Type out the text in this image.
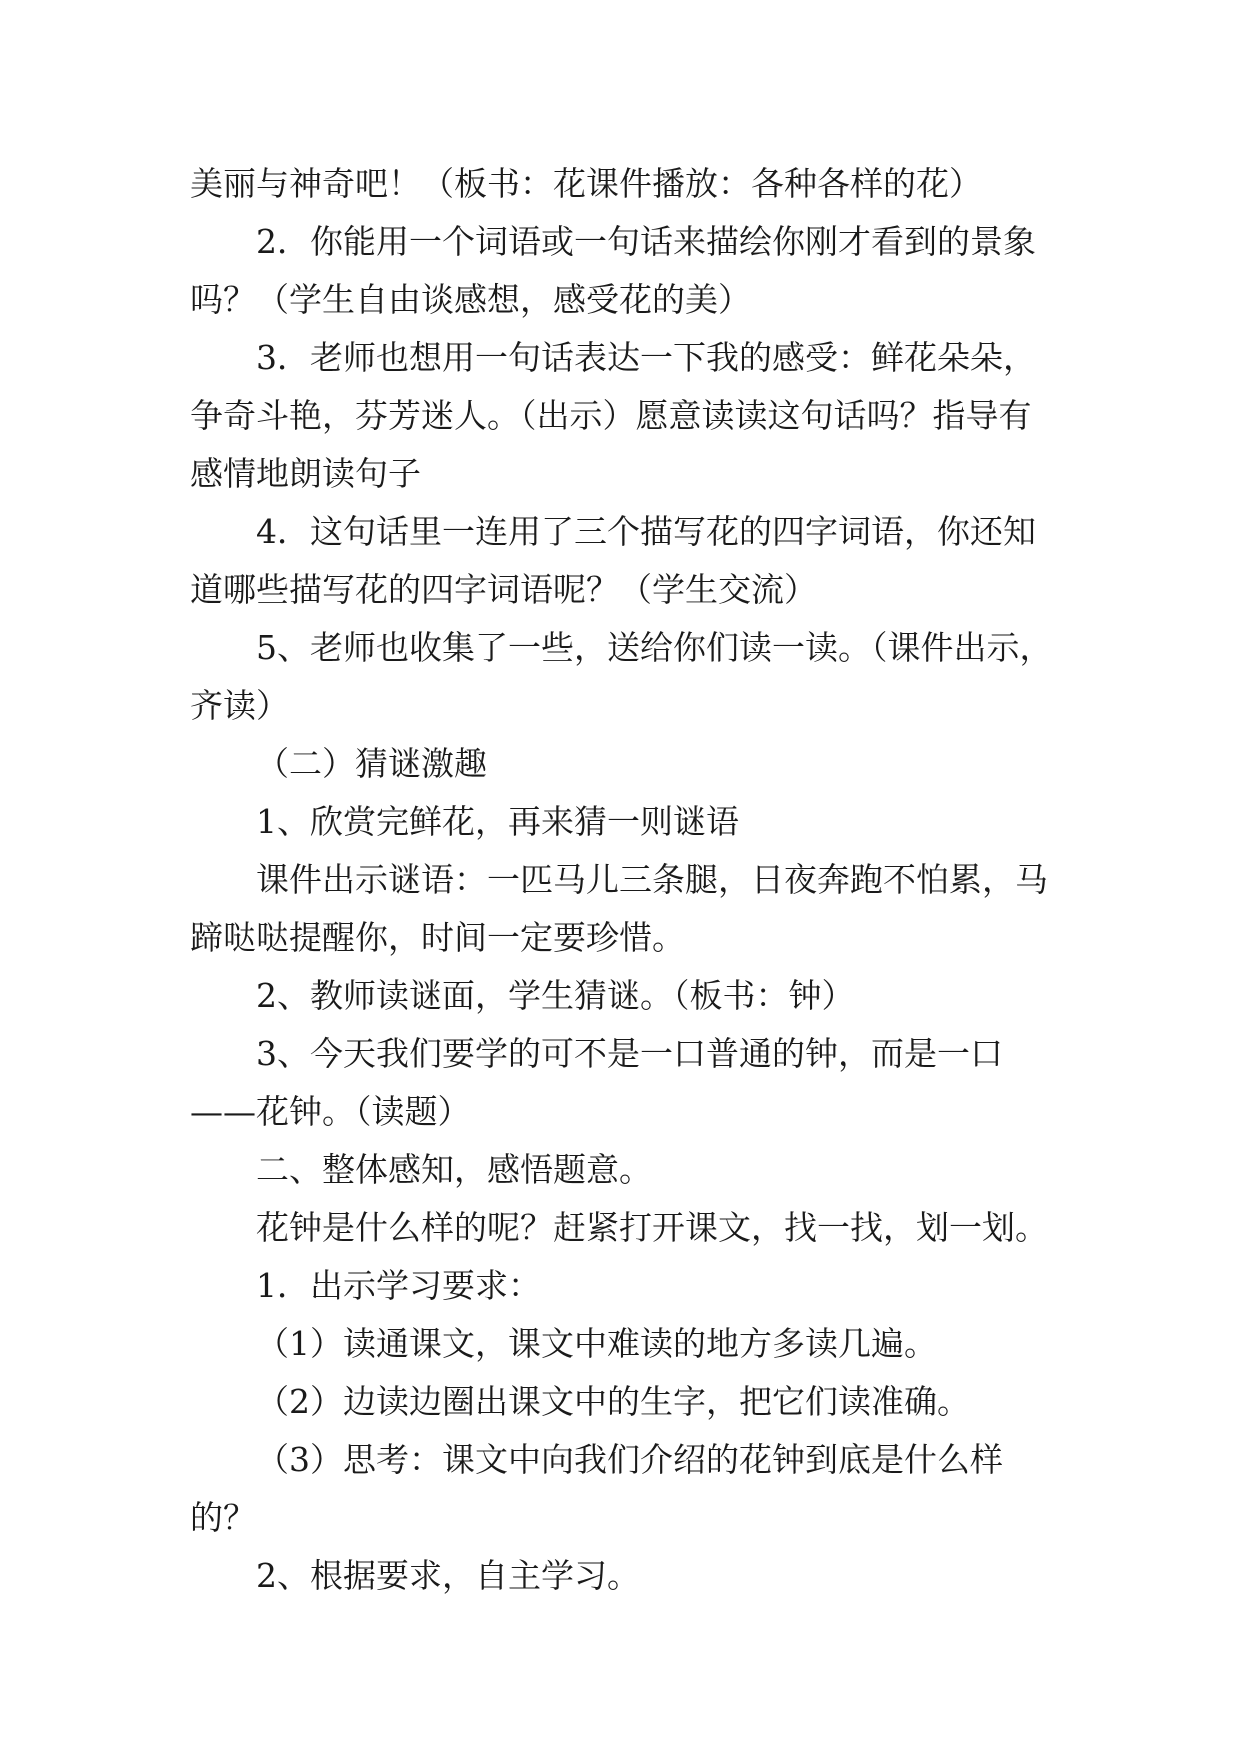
美丽与神奇吧！（板书：花课件播放：各种各样的花）

2．你能用一个词语或一句话来描绘你刚才看到的景象吗？（学生自由谈感想，感受花的美）

3．老师也想用一句话表达一下我的感受：鲜花朵朵，争奇斗艳，芬芳迷人。（出示）愿意读读这句话吗？指导有感情地朗读句子

4．这句话里一连用了三个描写花的四字词语，你还知道哪些描写花的四字词语呢？（学生交流）

5、老师也收集了一些，送给你们读一读。（课件出示，齐读）

（二）猜谜激趣

1、欣赏完鲜花，再来猜一则谜语

课件出示谜语：一匹马儿三条腿，日夜奔跑不怕累，马蹄哒哒提醒你，时间一定要珍惜。

2、教师读谜面，学生猜谜。（板书：钟）

3、今天我们要学的可不是一口普通的钟，而是一口——花钟。（读题）

二、整体感知，感悟题意。

花钟是什么样的呢？赶紧打开课文，找一找，划一划。

1．出示学习要求：

（1）读通课文，课文中难读的地方多读几遍。

（2）边读边圈出课文中的生字，把它们读准确。

（3）思考：课文中向我们介绍的花钟到底是什么样的？

2、根据要求，自主学习。
